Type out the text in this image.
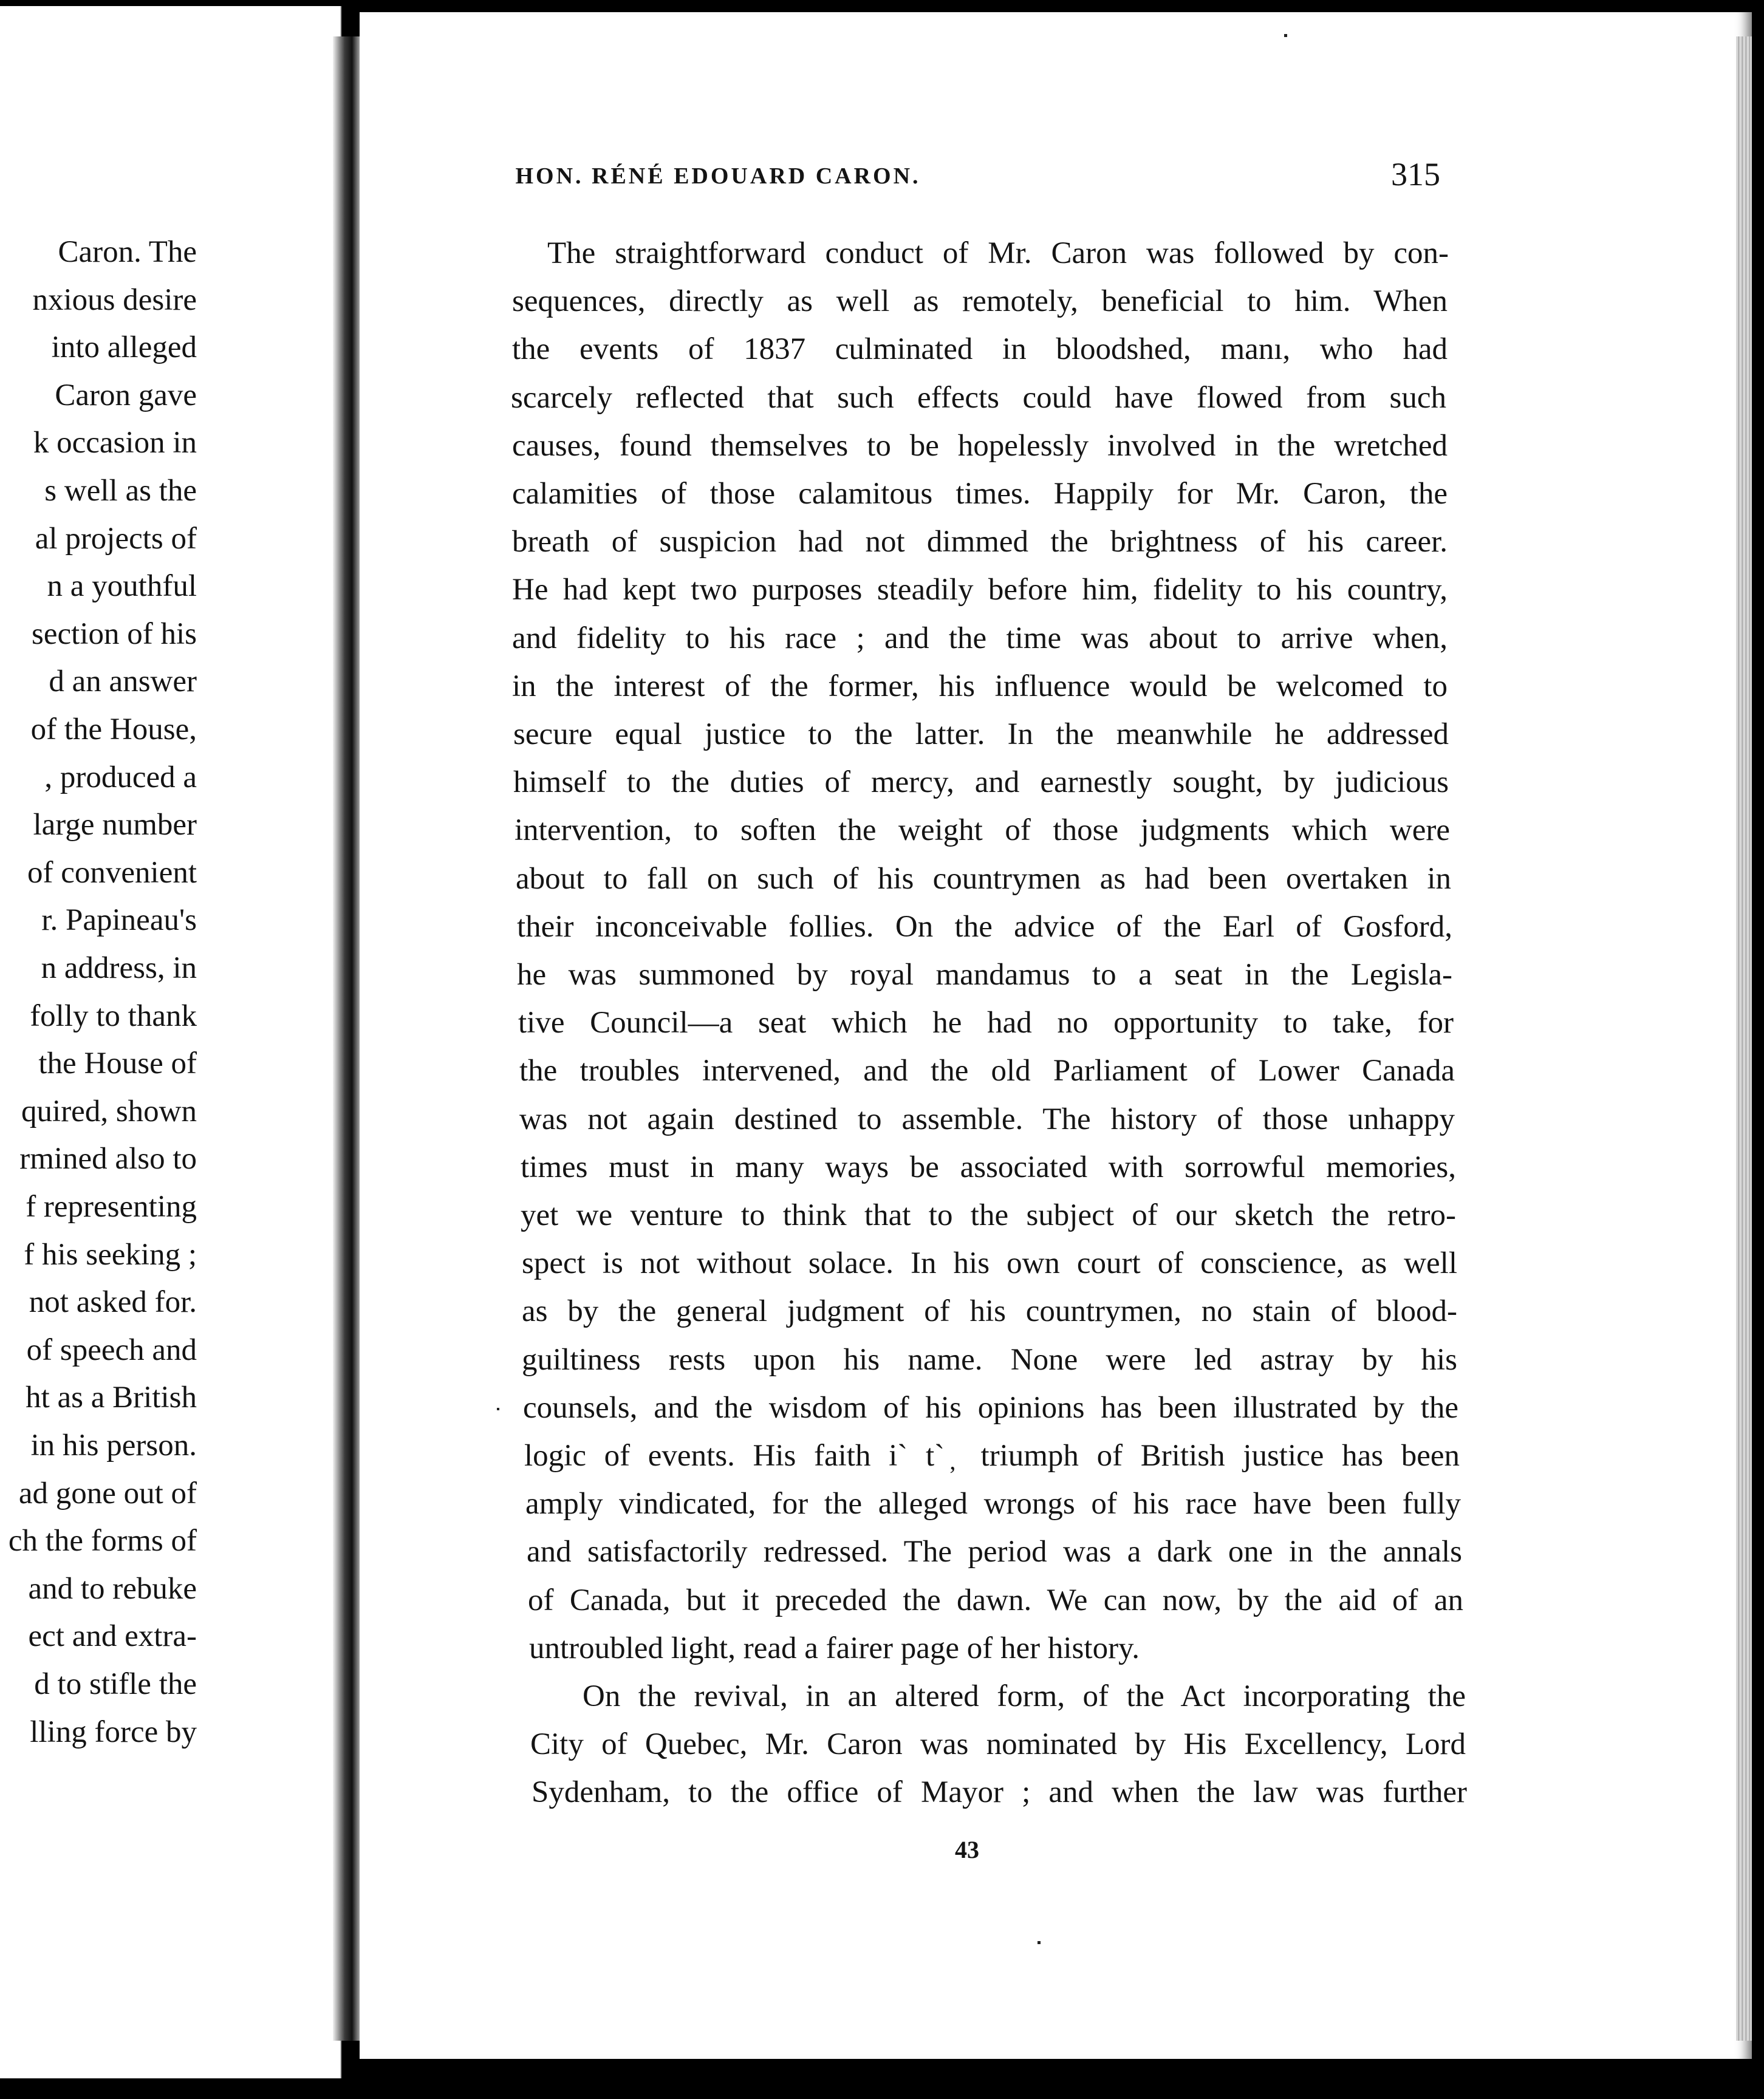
Caron. The
nxious desire
into alleged
Caron gave
k occasion in
s well as the
al projects of
n a youthful
section of his
d an answer
of the House,
, produced a
large number
of convenient
r. Papineau's
n address, in
folly to thank
the House of
quired, shown
rmined also to
f representing
f his seeking ;
not asked for.
of speech and
ht as a British
in his person.
ad gone out of
ch the forms of
and to rebuke
ect and extra-
d to stifle the
lling force by
HON. RÉNÉ EDOUARD CARON.	315
The straightforward conduct of Mr. Caron was followed by con-
sequences, directly as well as remotely, beneficial to him. When
the events of 1837 culminated in bloodshed, manı, who had
scarcely reflected that such effects could have flowed from such
causes, found themselves to be hopelessly involved in the wretched
calamities of those calamitous times. Happily for Mr. Caron, the
breath of suspicion had not dimmed the brightness of his career.
He had kept two purposes steadily before him, fidelity to his country,
and fidelity to his race ; and the time was about to arrive when,
in the interest of the former, his influence would be welcomed to
secure equal justice to the latter. In the meanwhile he addressed
himself to the duties of mercy, and earnestly sought, by judicious
intervention, to soften the weight of those judgments which were
about to fall on such of his countrymen as had been overtaken in
their inconceivable follies. On the advice of the Earl of Gosford,
he was summoned by royal mandamus to a seat in the Legisla-
tive Council—a seat which he had no opportunity to take, for
the troubles intervened, and the old Parliament of Lower Canada
was not again destined to assemble. The history of those unhappy
times must in many ways be associated with sorrowful memories,
yet we venture to think that to the subject of our sketch the retro-
spect is not without solace. In his own court of conscience, as well
as by the general judgment of his countrymen, no stain of blood-
guiltiness rests upon his name. None were led astray by his
counsels, and the wisdom of his opinions has been illustrated by the
logic of events. His faith i` t` ̦ triumph of British justice has been
amply vindicated, for the alleged wrongs of his race have been fully
and satisfactorily redressed. The period was a dark one in the annals
of Canada, but it preceded the dawn. We can now, by the aid of an
untroubled light, read a fairer page of her history.
On the revival, in an altered form, of the Act incorporating the
City of Quebec, Mr. Caron was nominated by His Excellency, Lord
Sydenham, to the office of Mayor ; and when the law was further
43
